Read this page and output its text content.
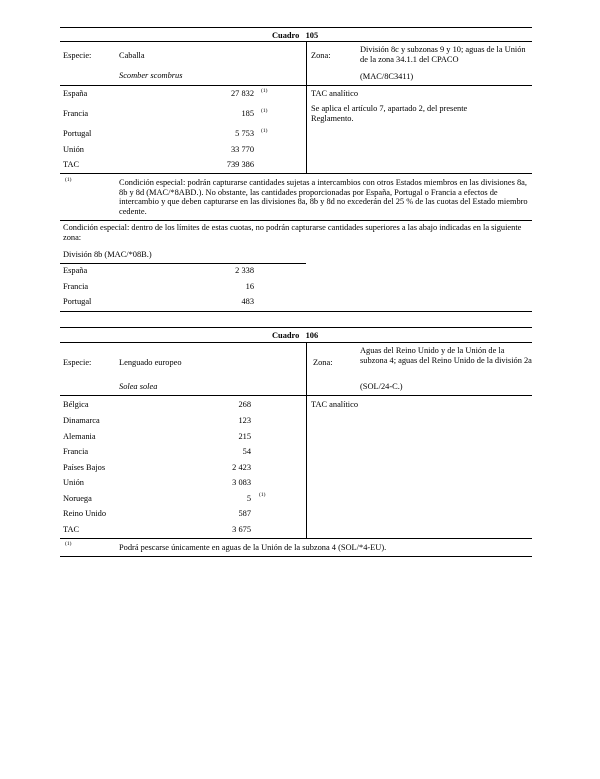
Cuadro 105
Especie:	Caballa
Scomber scombrus
Zona:
División 8c y subzonas 9 y 10; aguas de la Unión de la zona 34.1.1 del CPACO
(MAC/8C3411)
España	27 832 (1)
Francia	185 (1)
Portugal	5 753 (1)
Unión	33 770
TAC	739 386
TAC analítico
Se aplica el artículo 7, apartado 2, del presente Reglamento.
(1)	Condición especial: podrán capturarse cantidades sujetas a intercambios con otros Estados miembros en las divisiones 8a, 8b y 8d (MAC/*8ABD.). No obstante, las cantidades proporcionadas por España, Portugal o Francia a efectos de intercambio y que deben capturarse en las divisiones 8a, 8b y 8d no excederán del 25 % de las cuotas del Estado miembro cedente.
Condición especial: dentro de los límites de estas cuotas, no podrán capturarse cantidades superiores a las abajo indicadas en la siguiente zona:
División 8b (MAC/*08B.)
España	2 338
Francia	16
Portugal	483
Cuadro 106
Especie:	Lenguado europeo
Solea solea
Zona:
Aguas del Reino Unido y de la Unión de la subzona 4; aguas del Reino Unido de la división 2a
(SOL/24-C.)
Bélgica	268
Dinamarca	123
Alemania	215
Francia	54
Países Bajos	2 423
Unión	3 083
Noruega	5 (1)
Reino Unido	587
TAC	3 675
TAC analítico
(1)	Podrá pescarse únicamente en aguas de la Unión de la subzona 4 (SOL/*4-EU).
